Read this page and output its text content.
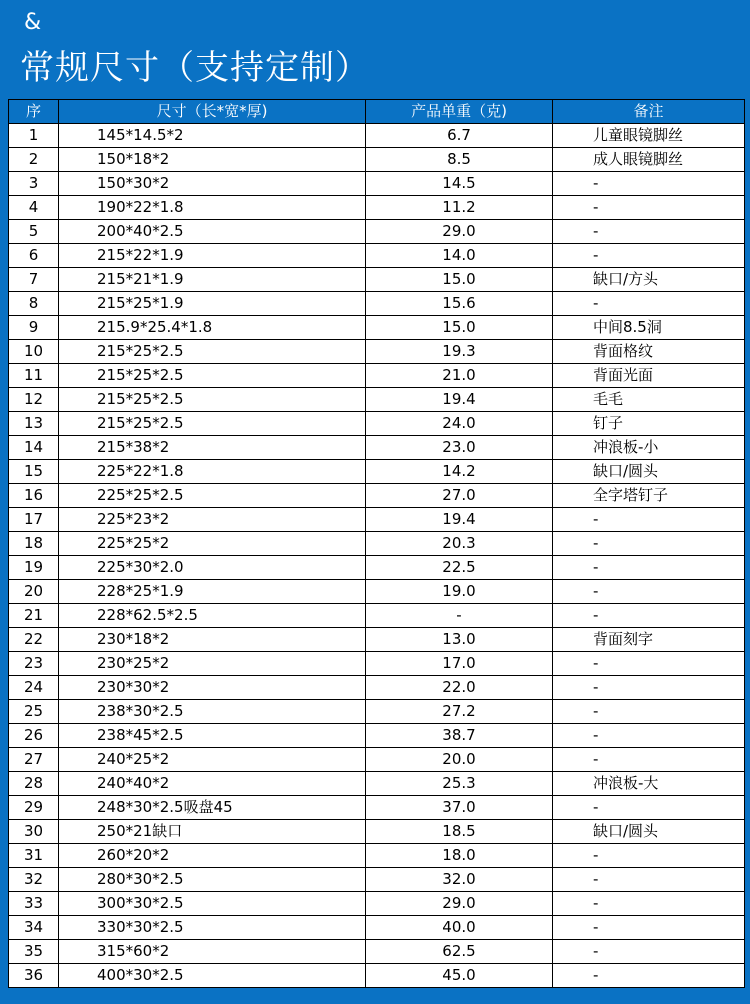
&
常规尺寸（支持定制）
序	尺寸（长*宽*厚)	产品单重（克)	备注
1	145*14.5*2	6.7	儿童眼镜脚丝
2	150*18*2	8.5	成人眼镜脚丝
3	150*30*2	14.5	-
4	190*22*1.8	11.2	-
5	200*40*2.5	29.0	-
6	215*22*1.9	14.0	-
7	215*21*1.9	15.0	缺口/方头
8	215*25*1.9	15.6	-
9	215.9*25.4*1.8	15.0	中间8.5洞
10	215*25*2.5	19.3	背面格纹
11	215*25*2.5	21.0	背面光面
12	215*25*2.5	19.4	毛毛
13	215*25*2.5	24.0	钉子
14	215*38*2	23.0	冲浪板-小
15	225*22*1.8	14.2	缺口/圆头
16	225*25*2.5	27.0	全字塔钉子
17	225*23*2	19.4	-
18	225*25*2	20.3	-
19	225*30*2.0	22.5	-
20	228*25*1.9	19.0	-
21	228*62.5*2.5	-	-
22	230*18*2	13.0	背面刻字
23	230*25*2	17.0	-
24	230*30*2	22.0	-
25	238*30*2.5	27.2	-
26	238*45*2.5	38.7	-
27	240*25*2	20.0	-
28	240*40*2	25.3	冲浪板-大
29	248*30*2.5吸盘45	37.0	-
30	250*21缺口	18.5	缺口/圆头
31	260*20*2	18.0	-
32	280*30*2.5	32.0	-
33	300*30*2.5	29.0	-
34	330*30*2.5	40.0	-
35	315*60*2	62.5	-
36	400*30*2.5	45.0	-
